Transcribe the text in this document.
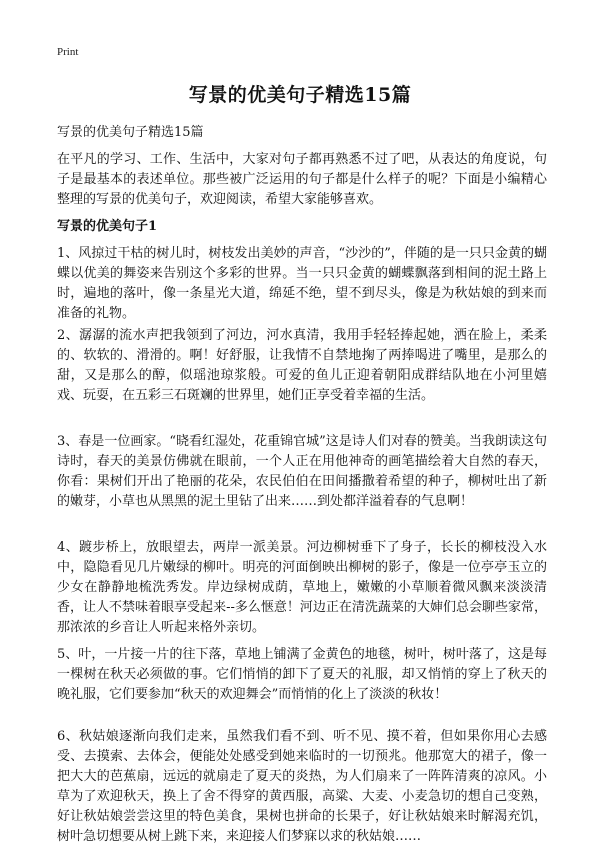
Print
写景的优美句子精选15篇
写景的优美句子精选15篇

在平凡的学习、工作、生活中，大家对句子都再熟悉不过了吧，从表达的角度说，句子是最基本的表述单位。那些被广泛运用的句子都是什么样子的呢？下面是小编精心整理的写景的优美句子，欢迎阅读，希望大家能够喜欢。

写景的优美句子1

1、风掠过干枯的树儿时，树枝发出美妙的声音，“沙沙的”，伴随的是一只只金黄的蝴蝶以优美的舞姿来告别这个多彩的世界。当一只只金黄的蝴蝶飘落到相间的泥土路上时，遍地的落叶，像一条星光大道，绵延不绝，望不到尽头，像是为秋姑娘的到来而准备的礼物。

2、潺潺的流水声把我领到了河边，河水真清，我用手轻轻捧起她，洒在脸上，柔柔的、软软的、滑滑的。啊！好舒服，让我情不自禁地掬了两捧喝进了嘴里，是那么的甜，又是那么的醇，似瑶池琼浆般。可爱的鱼儿正迎着朝阳成群结队地在小河里嬉戏、玩耍，在五彩三石斑斓的世界里，她们正享受着幸福的生活。

3、春是一位画家。“晓看红湿处，花重锦官城”这是诗人们对春的赞美。当我朗读这句诗时，春天的美景仿佛就在眼前，一个人正在用他神奇的画笔描绘着大自然的春天，你看：果树们开出了艳丽的花朵，农民伯伯在田间播撒着希望的种子，柳树吐出了新的嫩芽，小草也从黑黑的泥土里钻了出来……到处都洋溢着春的气息啊！

4、踱步桥上，放眼望去，两岸一派美景。河边柳树垂下了身子，长长的柳枝没入水中，隐隐看见几片嫩绿的柳叶。明亮的河面倒映出柳树的影子，像是一位亭亭玉立的少女在静静地梳洗秀发。岸边绿树成荫，草地上，嫩嫩的小草顺着微风飘来淡淡清香，让人不禁味着眼享受起来--多么惬意！河边正在清洗蔬菜的大婶们总会聊些家常，那浓浓的乡音让人听起来格外亲切。

5、叶，一片接一片的往下落，草地上铺满了金黄色的地毯，树叶，树叶落了，这是每一棵树在秋天必须做的事。它们悄悄的卸下了夏天的礼服，却又悄悄的穿上了秋天的晚礼服，它们要参加“秋天的欢迎舞会”而悄悄的化上了淡淡的秋妆！

6、秋姑娘逐渐向我们走来，虽然我们看不到、听不见、摸不着，但如果你用心去感受、去摸索、去体会，便能处处感受到她来临时的一切预兆。他那宽大的裙子，像一把大大的芭蕉扇，远远的就扇走了夏天的炎热，为人们扇来了一阵阵清爽的凉风。小草为了欢迎秋天，换上了舍不得穿的黄西服，高粱、大麦、小麦急切的想自己变熟，好让秋姑娘尝尝这里的特色美食，果树也拼命的长果子，好让秋姑娘来时解渴充饥，树叶急切想要从树上跳下来，来迎接人们梦寐以求的秋姑娘……
